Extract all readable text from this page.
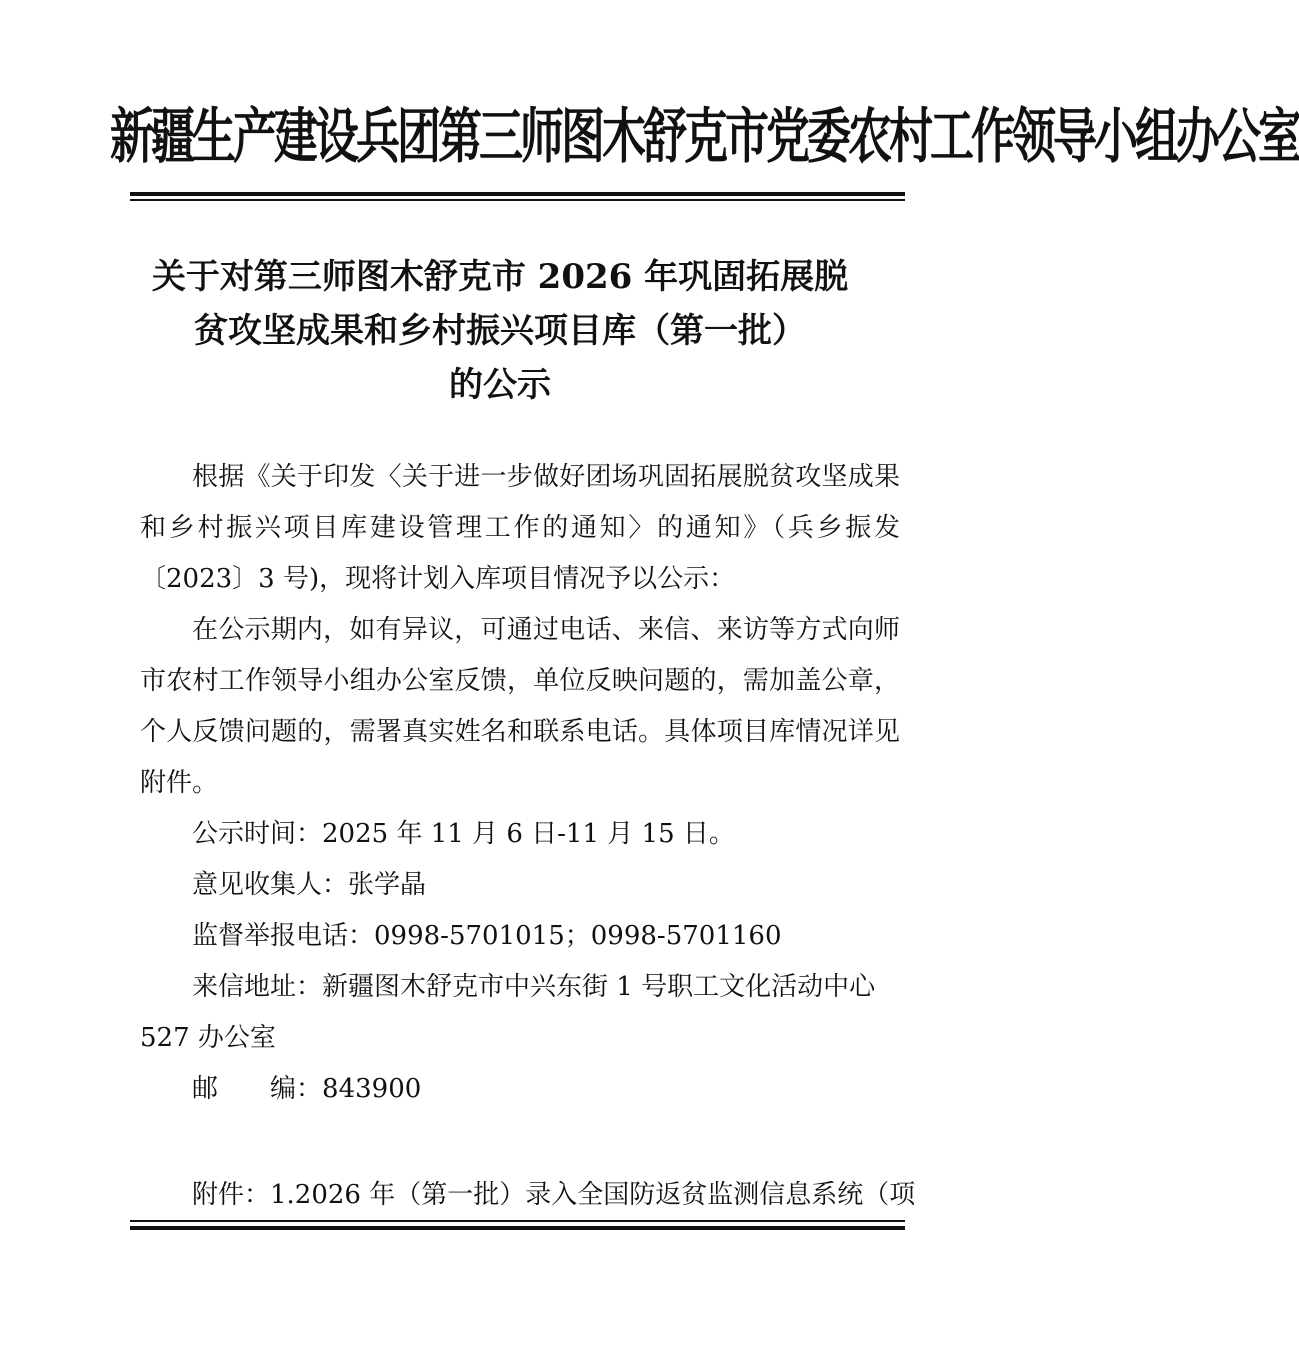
新疆生产建设兵团第三师图木舒克市党委农村工作领导小组办公室
关于对第三师图木舒克市 2026 年巩固拓展脱
贫攻坚成果和乡村振兴项目库（第一批）
的公示

根据《关于印发〈关于进一步做好团场巩固拓展脱贫攻坚成果和乡村振兴项目库建设管理工作的通知〉的通知》（兵乡振发〔2023〕3 号)，现将计划入库项目情况予以公示：

在公示期内，如有异议，可通过电话、来信、来访等方式向师市农村工作领导小组办公室反馈，单位反映问题的，需加盖公章，个人反馈问题的，需署真实姓名和联系电话。具体项目库情况详见附件。

公示时间：2025 年 11 月 6 日-11 月 15 日。

意见收集人：张学晶

监督举报电话：0998-5701015；0998-5701160

来信地址：新疆图木舒克市中兴东街 1 号职工文化活动中心 527 办公室

邮 编：843900

附件：1.2026 年（第一批）录入全国防返贫监测信息系统（项
